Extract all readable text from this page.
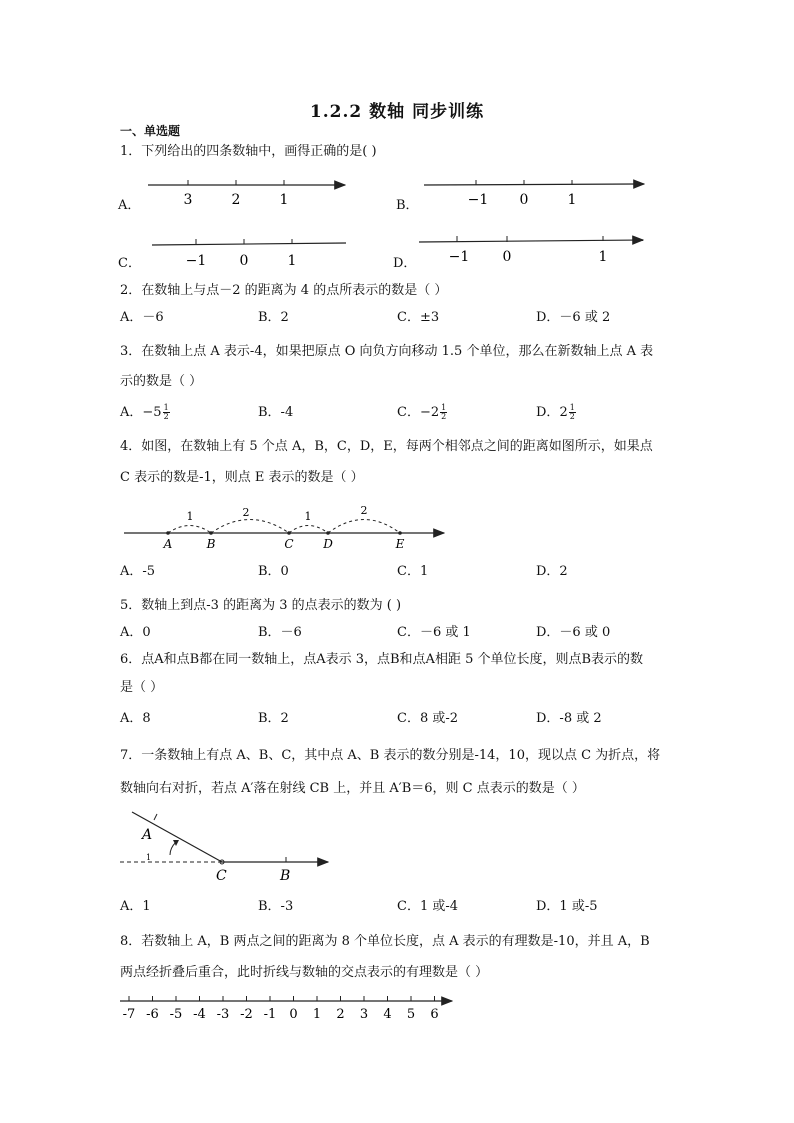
1.2.2 数轴 同步训练
一、单选题
1．下列给出的四条数轴中，画得正确的是( )
A．	3	2	1	B．	−1 0	1
C．	−1 0	1	D． −1 0	1
2．在数轴上与点－2 的距离为 4 的点所表示的数是（ ）
A．－6	B．2	C．±3	D．－6 或 2
3．在数轴上点 A 表示-4，如果把原点 O 向负方向移动 1.5 个单位，那么在新数轴上点 A 表
示的数是（ ）
A．$-5 \frac{1}{2}$	B．-4	C．$-2 \frac{1}{2}$	D．$2 \frac{1}{2}$
4．如图，在数轴上有 5 个点 A，B，C，D，E，每两个相邻点之间的距离如图所示，如果点
C 表示的数是-1，则点 E 表示的数是（ ）
1	2	1	2
A	B	C D	E
A．-5	B．0	C．1	D．2
5．数轴上到点-3 的距离为 3 的点表示的数为 ( )
A．0	B．－6	C．－6 或 1	D．－6 或 0
6．点A和点B都在同一数轴上，点A表示 3，点B和点A相距 5 个单位长度，则点B表示的数
是（ ）
A．8	B．2	C．8 或-2	D．-8 或 2
7．一条数轴上有点 A、B、C，其中点 A、B 表示的数分别是-14，10，现以点 C 为折点，将
数轴向右对折，若点 A′落在射线 CB 上，并且 A′B＝6，则 C 点表示的数是（ ）
1
A
C	B
A．1	B．-3	C．1 或-4	D．1 或-5
8．若数轴上 A，B 两点之间的距离为 8 个单位长度，点 A 表示的有理数是-10，并且 A，B
两点经折叠后重合，此时折线与数轴的交点表示的有理数是（ ）
-7 -6 -5 -4 -3 -2 -1 0 1 2 3 4 5 6
